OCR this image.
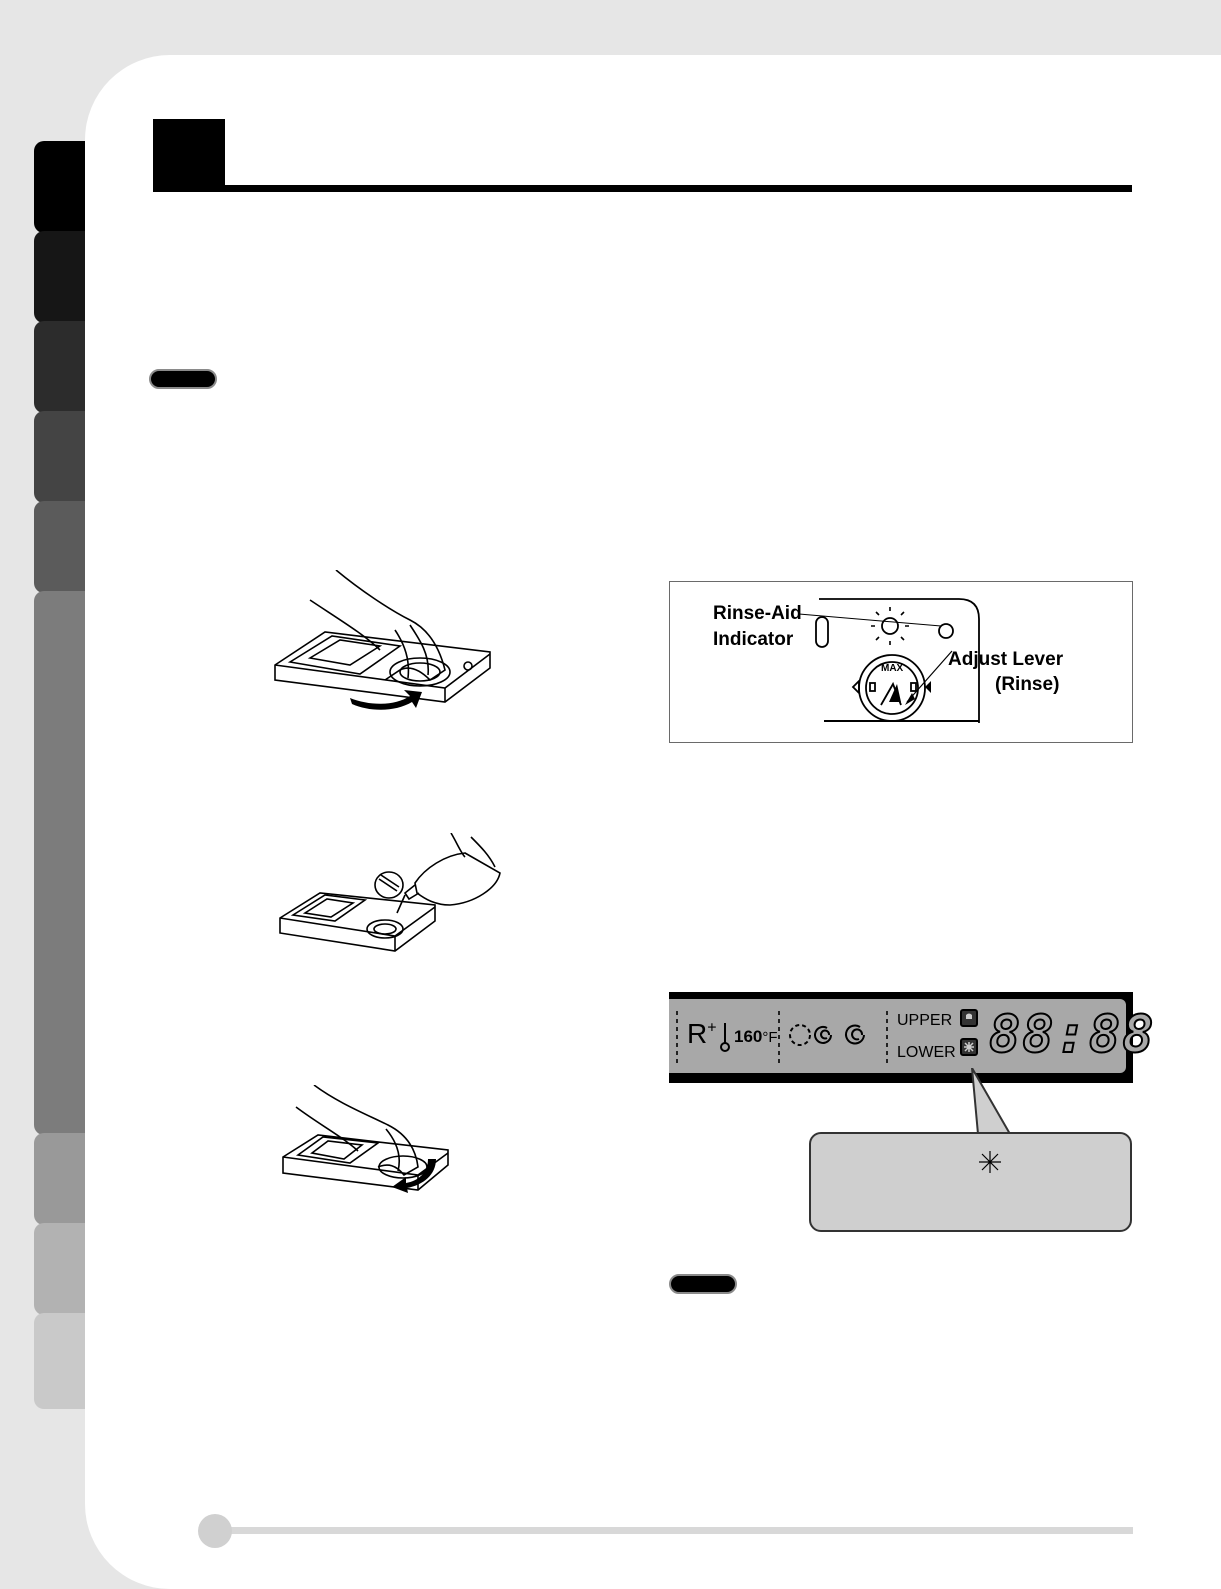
MAX
Rinse-Aid
Indicator
Adjust Lever
(Rinse)
R+ 160°F
UPPER
LOWER 88:88
